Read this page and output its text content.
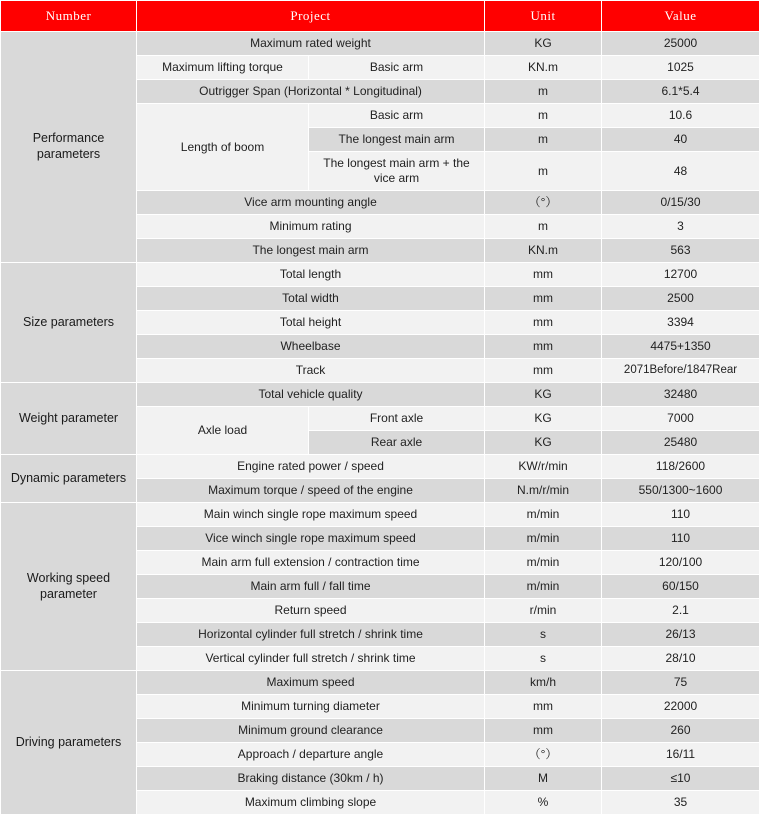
Number	Project		Unit	Value
Performance parameters	Maximum rated weight		KG	25000
	Maximum lifting torque	Basic arm	KN.m	1025
	Outrigger Span (Horizontal * Longitudinal)		m	6.1*5.4
	Length of boom	Basic arm	m	10.6
		The longest main arm	m	40
		The longest main arm + the vice arm	m	48
	Vice arm mounting angle		（°）	0/15/30
	Minimum rating		m	3
	The longest main arm		KN.m	563
Size parameters	Total length		mm	12700
	Total width		mm	2500
	Total height		mm	3394
	Wheelbase		mm	4475+1350
	Track		mm	2071Before/1847Rear
Weight parameter	Total vehicle quality		KG	32480
	Axle load	Front axle	KG	7000
		Rear axle	KG	25480
Dynamic parameters	Engine rated power / speed		KW/r/min	118/2600
	Maximum torque / speed of the engine		N.m/r/min	550/1300~1600
Working speed parameter	Main winch single rope maximum speed		m/min	110
	Vice winch single rope maximum speed		m/min	110
	Main arm full extension / contraction time		m/min	120/100
	Main arm full / fall time		m/min	60/150
	Return speed		r/min	2.1
	Horizontal cylinder full stretch / shrink time		s	26/13
	Vertical cylinder full stretch / shrink time		s	28/10
Driving parameters	Maximum speed		km/h	75
	Minimum turning diameter		mm	22000
	Minimum ground clearance		mm	260
	Approach / departure angle		（°）	16/11
	Braking distance (30km / h)		M	≤10
	Maximum climbing slope		%	35
